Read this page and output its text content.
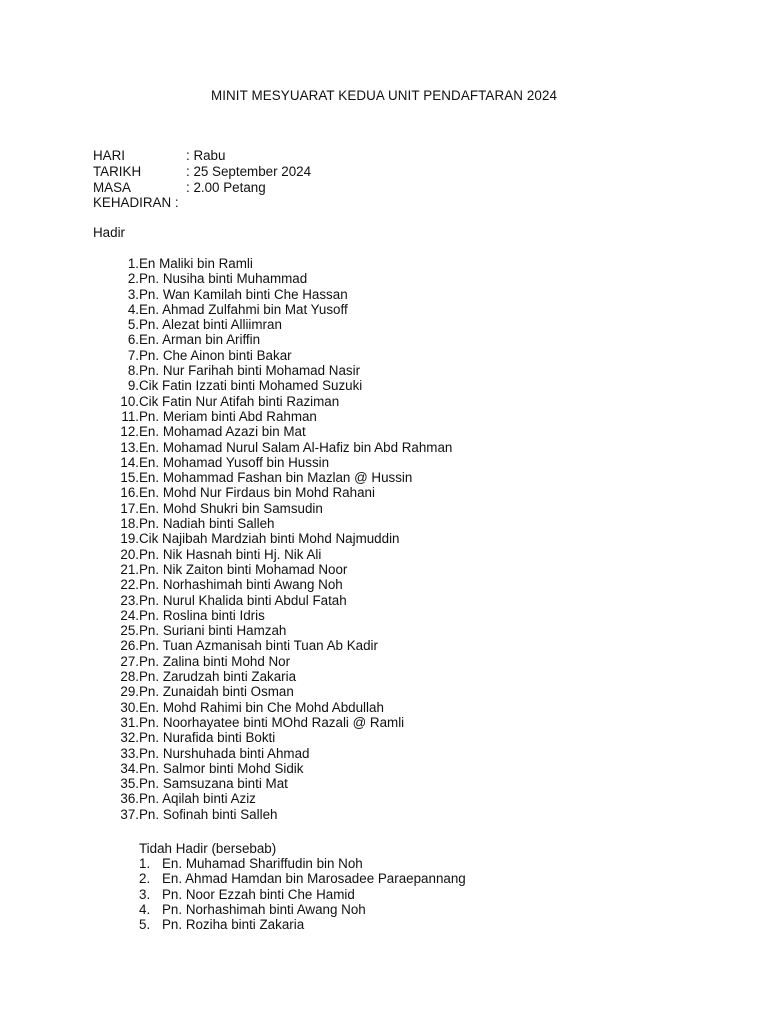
MINIT MESYUARAT KEDUA UNIT PENDAFTARAN 2024
HARI	: Rabu
TARIKH	: 25 September 2024
MASA	: 2.00 Petang
KEHADIRAN :
Hadir
1.En Maliki bin Ramli
2.Pn. Nusiha binti Muhammad
3.Pn. Wan Kamilah binti Che Hassan
4.En. Ahmad Zulfahmi bin Mat Yusoff
5.Pn. Alezat binti Alliimran
6.En. Arman bin Ariffin
7.Pn. Che Ainon binti Bakar
8.Pn. Nur Farihah binti Mohamad Nasir
9.Cik Fatin Izzati binti Mohamed Suzuki
10.Cik Fatin Nur Atifah binti Raziman
11.Pn. Meriam binti Abd Rahman
12.En. Mohamad Azazi bin Mat
13.En. Mohamad Nurul Salam Al-Hafiz bin Abd Rahman
14.En. Mohamad Yusoff bin Hussin
15.En. Mohammad Fashan bin Mazlan @ Hussin
16.En. Mohd Nur Firdaus bin Mohd Rahani
17.En. Mohd Shukri bin Samsudin
18.Pn. Nadiah binti Salleh
19.Cik Najibah Mardziah binti Mohd Najmuddin
20.Pn. Nik Hasnah binti Hj. Nik Ali
21.Pn. Nik Zaiton binti Mohamad Noor
22.Pn. Norhashimah binti Awang Noh
23.Pn. Nurul Khalida binti Abdul Fatah
24.Pn. Roslina binti Idris
25.Pn. Suriani binti Hamzah
26.Pn. Tuan Azmanisah binti Tuan Ab Kadir
27.Pn. Zalina binti Mohd Nor
28.Pn. Zarudzah binti Zakaria
29.Pn. Zunaidah binti Osman
30.En. Mohd Rahimi bin Che Mohd Abdullah
31.Pn. Noorhayatee binti MOhd Razali @ Ramli
32.Pn. Nurafida binti Bokti
33.Pn. Nurshuhada binti Ahmad
34.Pn. Salmor binti Mohd Sidik
35.Pn. Samsuzana binti Mat
36.Pn. Aqilah binti Aziz
37.Pn. Sofinah binti Salleh
Tidah Hadir (bersebab)
1. En. Muhamad Shariffudin bin Noh
2. En. Ahmad Hamdan bin Marosadee Paraepannang
3. Pn. Noor Ezzah binti Che Hamid
4. Pn. Norhashimah binti Awang Noh
5. Pn. Roziha binti Zakaria
